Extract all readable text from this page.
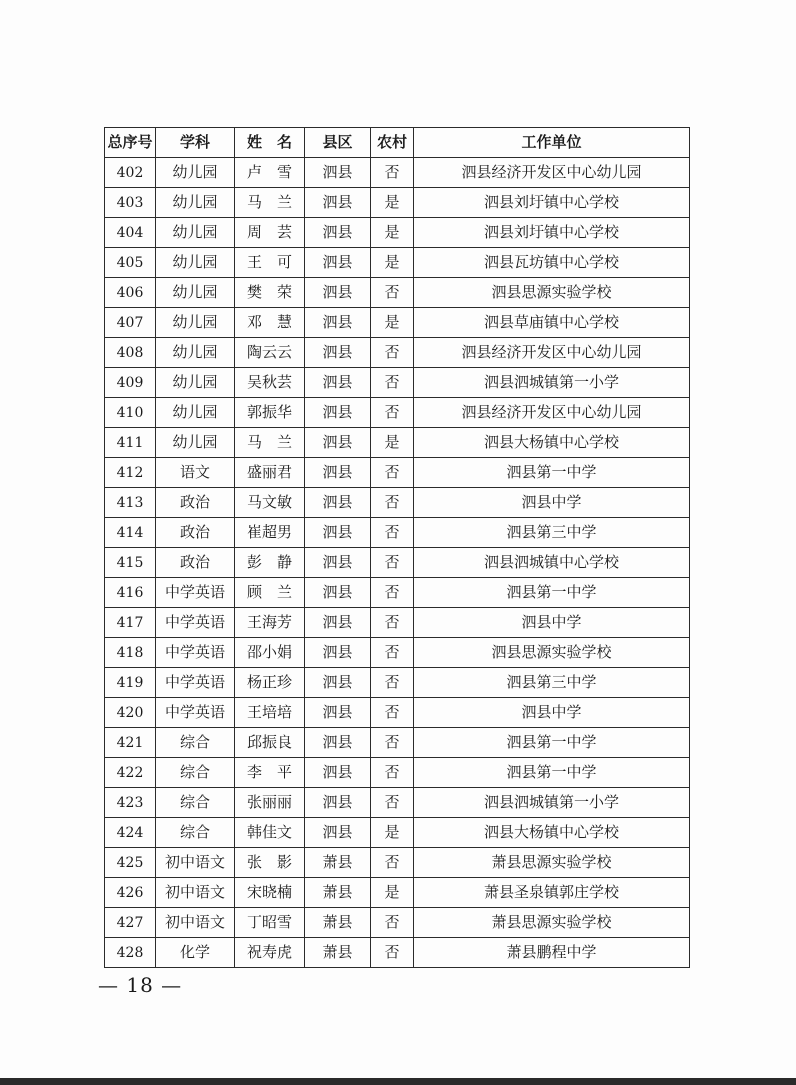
总序号	学科	姓　名	县区	农村	工作单位
402	幼儿园	卢　雪	泗县	否	泗县经济开发区中心幼儿园
403	幼儿园	马　兰	泗县	是	泗县刘圩镇中心学校
404	幼儿园	周　芸	泗县	是	泗县刘圩镇中心学校
405	幼儿园	王　可	泗县	是	泗县瓦坊镇中心学校
406	幼儿园	樊　荣	泗县	否	泗县思源实验学校
407	幼儿园	邓　慧	泗县	是	泗县草庙镇中心学校
408	幼儿园	陶云云	泗县	否	泗县经济开发区中心幼儿园
409	幼儿园	吴秋芸	泗县	否	泗县泗城镇第一小学
410	幼儿园	郭振华	泗县	否	泗县经济开发区中心幼儿园
411	幼儿园	马　兰	泗县	是	泗县大杨镇中心学校
412	语文	盛丽君	泗县	否	泗县第一中学
413	政治	马文敏	泗县	否	泗县中学
414	政治	崔超男	泗县	否	泗县第三中学
415	政治	彭　静	泗县	否	泗县泗城镇中心学校
416	中学英语	顾　兰	泗县	否	泗县第一中学
417	中学英语	王海芳	泗县	否	泗县中学
418	中学英语	邵小娟	泗县	否	泗县思源实验学校
419	中学英语	杨正珍	泗县	否	泗县第三中学
420	中学英语	王培培	泗县	否	泗县中学
421	综合	邱振良	泗县	否	泗县第一中学
422	综合	李　平	泗县	否	泗县第一中学
423	综合	张丽丽	泗县	否	泗县泗城镇第一小学
424	综合	韩佳文	泗县	是	泗县大杨镇中心学校
425	初中语文	张　影	萧县	否	萧县思源实验学校
426	初中语文	宋晓楠	萧县	是	萧县圣泉镇郭庄学校
427	初中语文	丁昭雪	萧县	否	萧县思源实验学校
428	化学	祝寿虎	萧县	否	萧县鹏程中学
— 18 —
